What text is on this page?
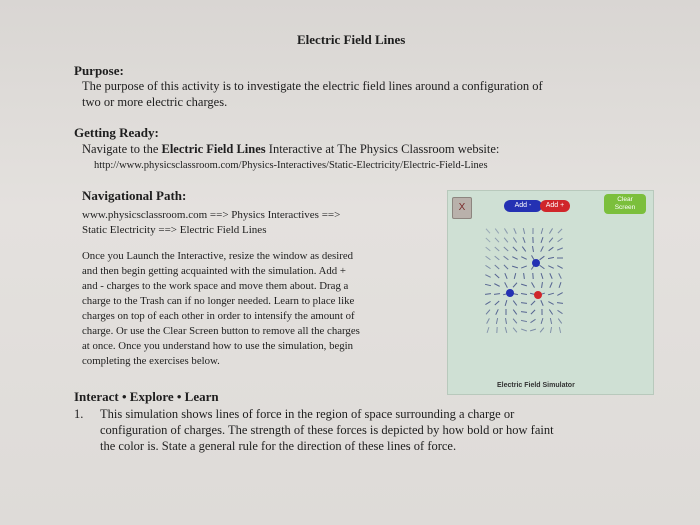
Electric Field Lines
Purpose:
The purpose of this activity is to investigate the electric field lines around a configuration of
two or more electric charges.
Getting Ready:
Navigate to the Electric Field Lines Interactive at The Physics Classroom website:
http://www.physicsclassroom.com/Physics-Interactives/Static-Electricity/Electric-Field-Lines
Navigational Path:
www.physicsclassroom.com ==> Physics Interactives ==>
Static Electricity ==> Electric Field Lines
Once you Launch the Interactive, resize the window as desired
and then begin getting acquainted with the simulation. Add +
and - charges to the work space and move them about. Drag a
charge to the Trash can if no longer needed. Learn to place like
charges on top of each other in order to intensify the amount of
charge. Or use the Clear Screen button to remove all the charges
at once. Once you understand how to use the simulation, begin
completing the exercises below.
X	Add -	Add +
Clear
Screen
Electric Field Simulator
Interact • Explore • Learn
1. This simulation shows lines of force in the region of space surrounding a charge or
configuration of charges. The strength of these forces is depicted by how bold or how faint
the color is. State a general rule for the direction of these lines of force.
